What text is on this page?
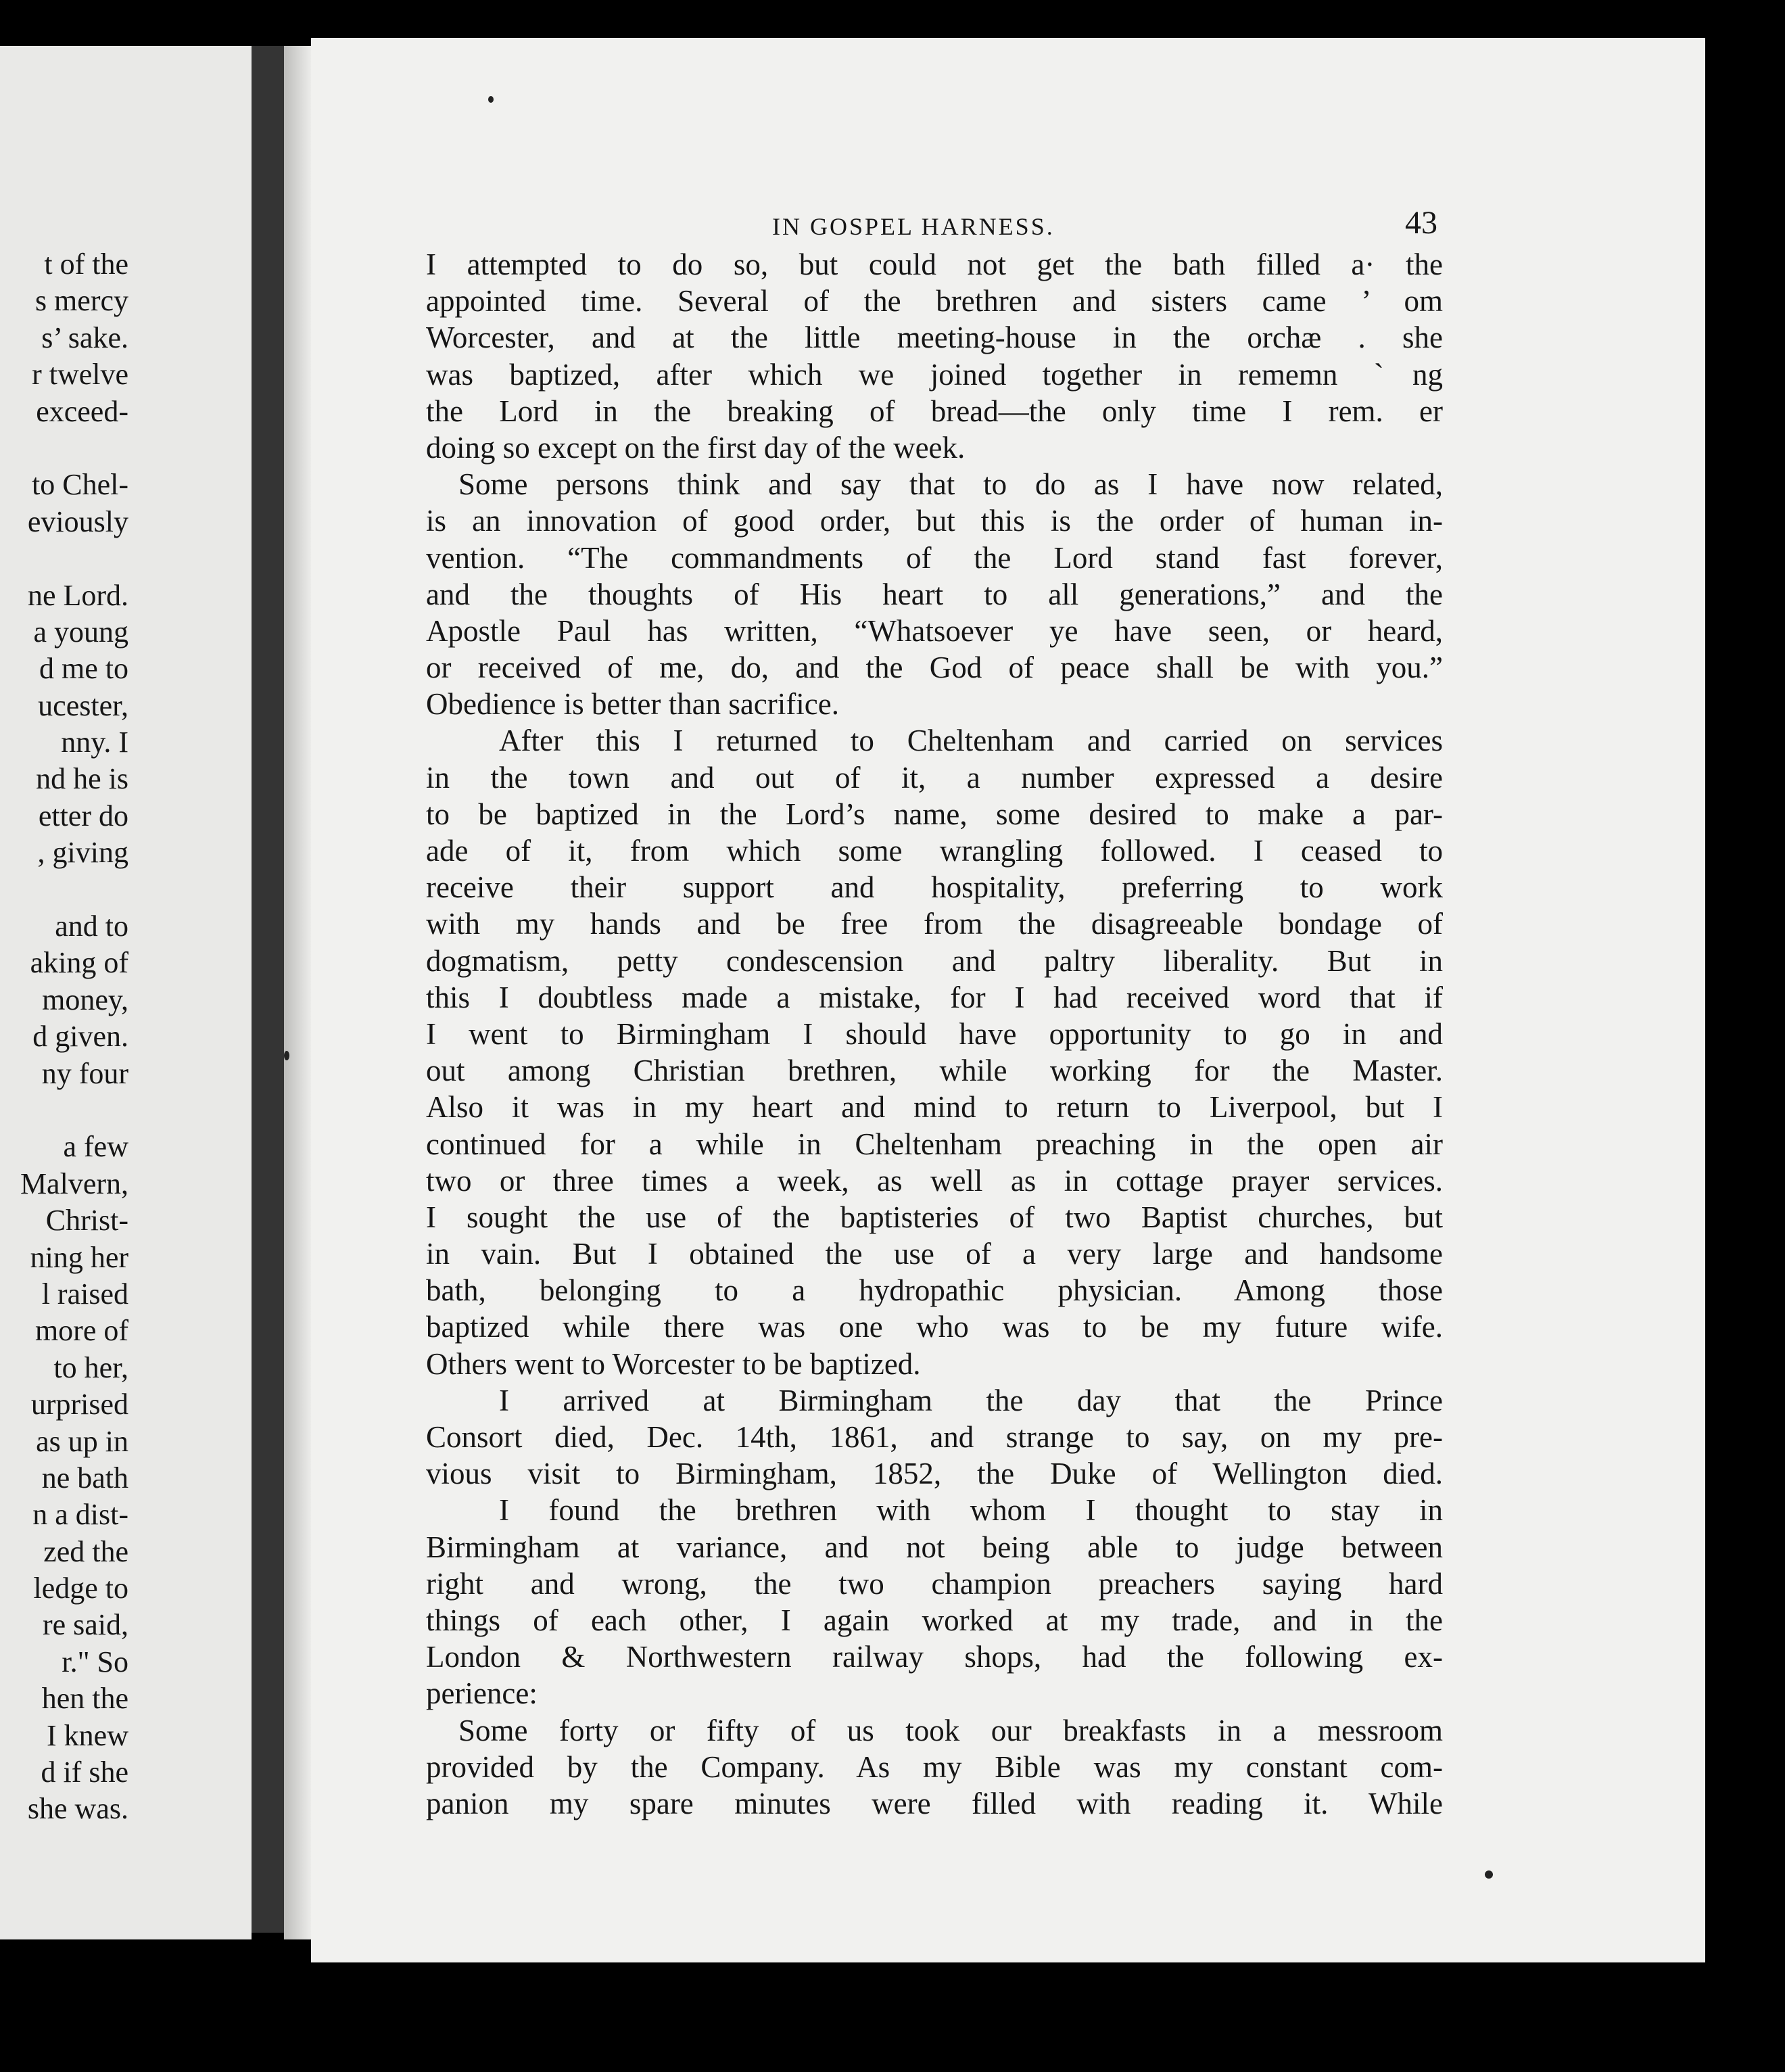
t of the
s mercy
s’ sake.
r twelve
exceed-
to Chel-
eviously
ne Lord.
a young
d me to
ucester,
nny. I
nd he is
etter do
, giving
and to
aking of
money,
d given.
ny four
a few
Malvern,
Christ-
ning her
l raised
more of
to her,
urprised
as up in
ne bath
n a dist-
zed the
ledge to
re said,
r." So
hen the
I knew
d if she
she was.
IN GOSPEL HARNESS.	43
I attempted to do so, but could not get the bath filled a· the
appointed time. Several of the brethren and sisters came ’ om
Worcester, and at the little meeting-house in the orchæ . she
was baptized, after which we joined together in rememn ˋng
the Lord in the breaking of bread—the only time I rem. er
doing so except on the first day of the week.
Some persons think and say that to do as I have now related,
is an innovation of good order, but this is the order of human in-
vention. “The commandments of the Lord stand fast forever,
and the thoughts of His heart to all generations,” and the
Apostle Paul has written, “Whatsoever ye have seen, or heard,
or received of me, do, and the God of peace shall be with you.”
Obedience is better than sacrifice.
After this I returned to Cheltenham and carried on services
in the town and out of it, a number expressed a desire
to be baptized in the Lord’s name, some desired to make a par-
ade of it, from which some wrangling followed. I ceased to
receive their support and hospitality, preferring to work
with my hands and be free from the disagreeable bondage of
dogmatism, petty condescension and paltry liberality. But in
this I doubtless made a mistake, for I had received word that if
I went to Birmingham I should have opportunity to go in and
out among Christian brethren, while working for the Master.
Also it was in my heart and mind to return to Liverpool, but I
continued for a while in Cheltenham preaching in the open air
two or three times a week, as well as in cottage prayer services.
I sought the use of the baptisteries of two Baptist churches, but
in vain. But I obtained the use of a very large and handsome
bath, belonging to a hydropathic physician. Among those
baptized while there was one who was to be my future wife.
Others went to Worcester to be baptized.
I arrived at Birmingham the day that the Prince
Consort died, Dec. 14th, 1861, and strange to say, on my pre-
vious visit to Birmingham, 1852, the Duke of Wellington died.
I found the brethren with whom I thought to stay in
Birmingham at variance, and not being able to judge between
right and wrong, the two champion preachers saying hard
things of each other, I again worked at my trade, and in the
London & Northwestern railway shops, had the following ex-
perience:
Some forty or fifty of us took our breakfasts in a messroom
provided by the Company. As my Bible was my constant com-
panion my spare minutes were filled with reading it. While
